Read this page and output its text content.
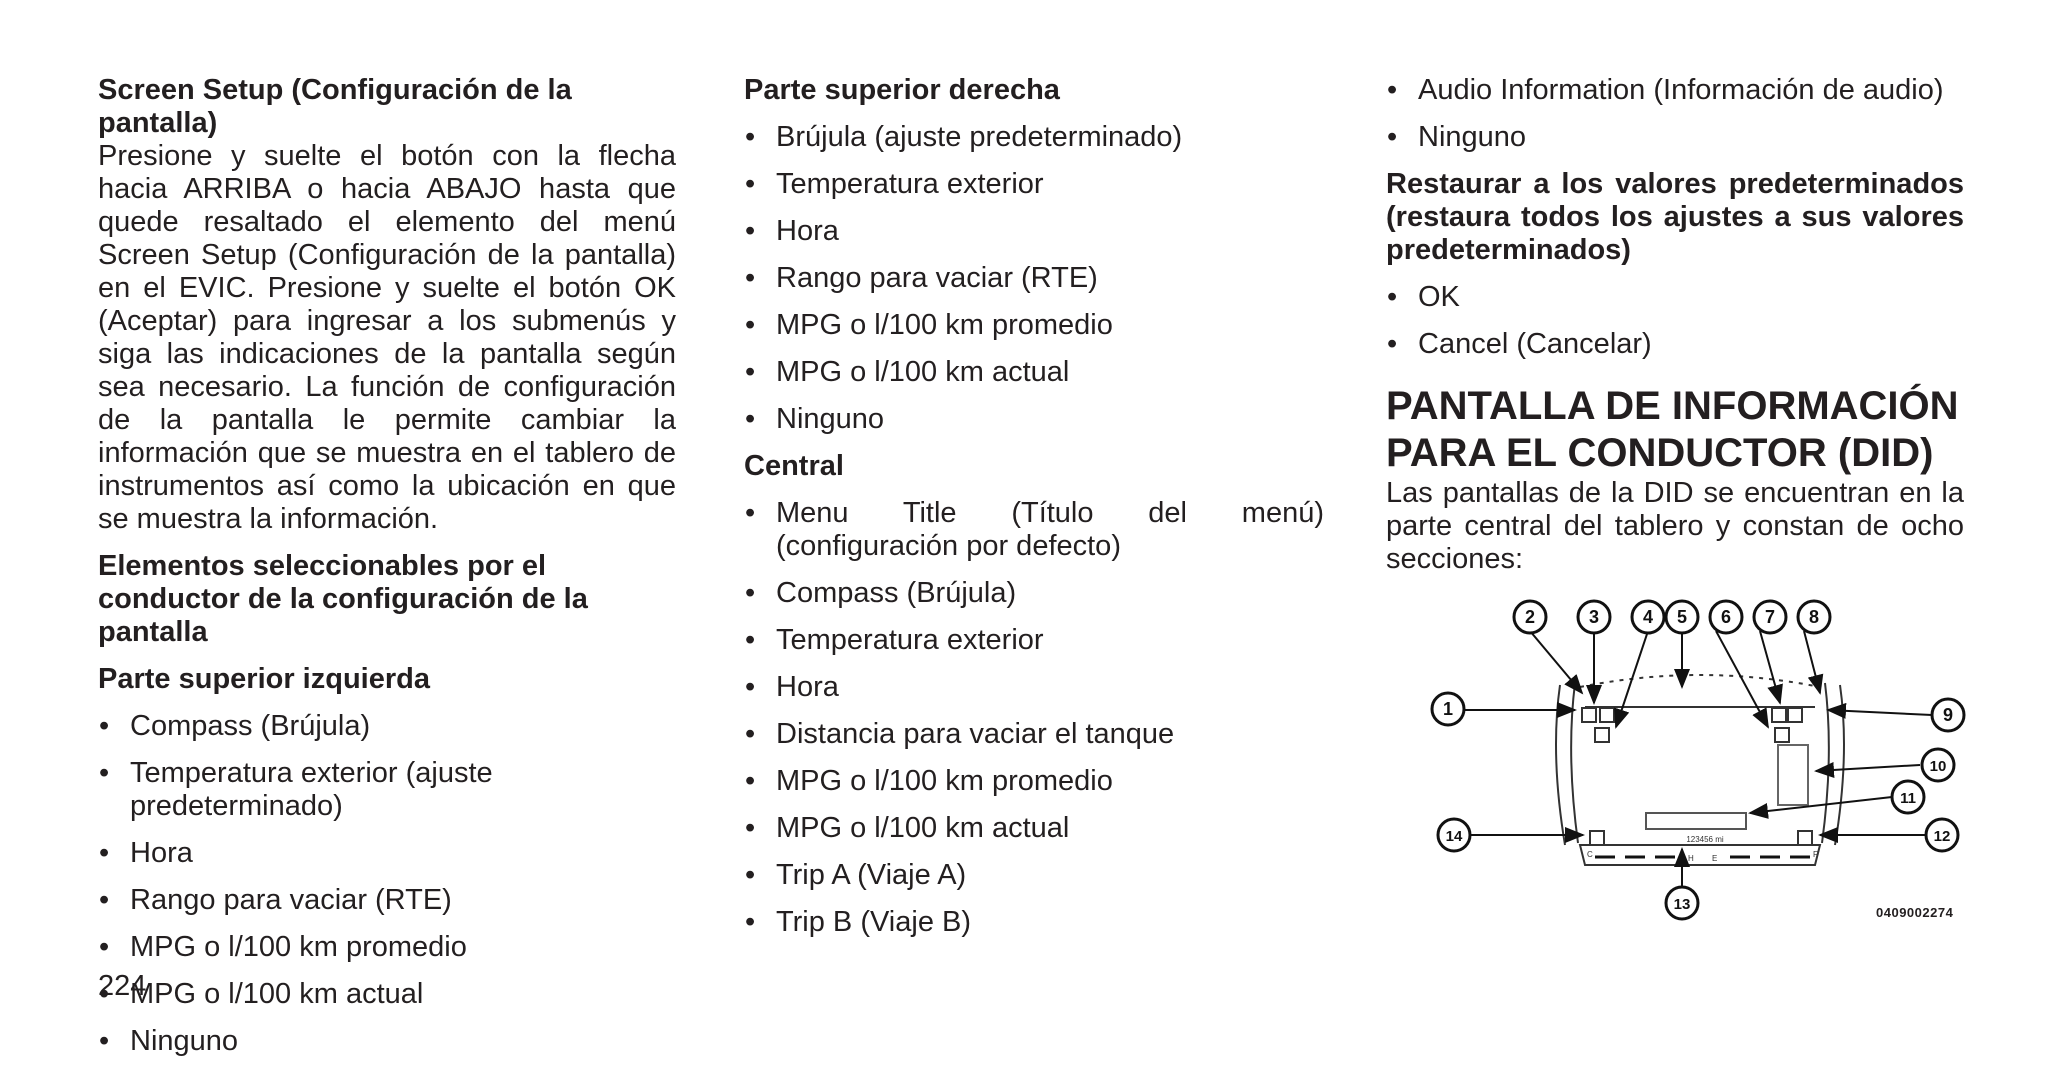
Screen Setup (Configuración de la
pantalla)

Presione y suelte el botón con la flecha hacia ARRIBA o hacia ABAJO hasta que quede resaltado el elemento del menú Screen Setup (Configuración de la pantalla) en el EVIC. Presione y suelte el botón OK (Aceptar) para ingresar a los submenús y siga las indicaciones de la pantalla según sea necesario. La función de configuración de la pantalla le permite cambiar la información que se muestra en el tablero de instrumentos así como la ubicación en que se muestra la información.

Elementos seleccionables por el conductor de la configuración de la pantalla

Parte superior izquierda

• Compass (Brújula)
• Temperatura exterior (ajuste predeterminado)
• Hora
• Rango para vaciar (RTE)
• MPG o l/100 km promedio
• MPG o l/100 km actual
• Ninguno

Parte superior derecha

• Brújula (ajuste predeterminado)
• Temperatura exterior
• Hora
• Rango para vaciar (RTE)
• MPG o l/100 km promedio
• MPG o l/100 km actual
• Ninguno

Central

• Menu Title (Título del menú) (configuración por defecto)
• Compass (Brújula)
• Temperatura exterior
• Hora
• Distancia para vaciar el tanque
• MPG o l/100 km promedio
• MPG o l/100 km actual
• Trip A (Viaje A)
• Trip B (Viaje B)
• Audio Information (Información de audio)
• Ninguno

Restaurar a los valores predeterminados (restaura todos los ajustes a sus valores predeterminados)

• OK
• Cancel (Cancelar)

PANTALLA DE INFORMACIÓN
PARA EL CONDUCTOR (DID)

Las pantallas de la DID se encuentran en la parte central del tablero y constan de ocho secciones:

123456 mi
C	H E	F
1
2	3 4 5 6 7 8
9
10
11
12
13
14
0409002274
224
